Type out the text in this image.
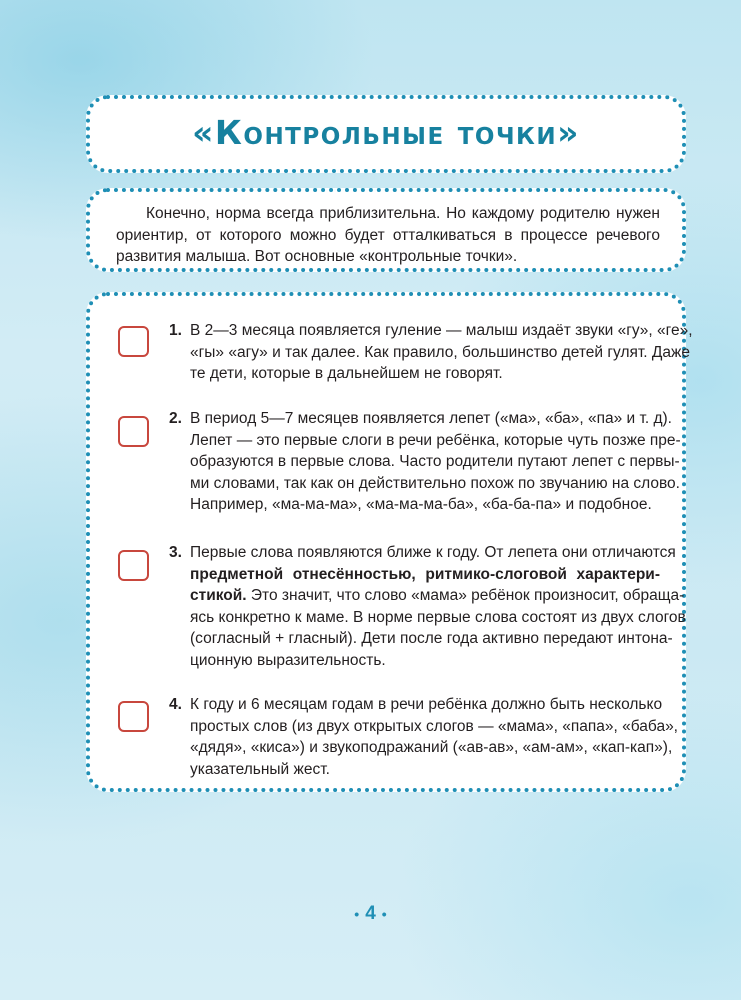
«Контрольные точки»

Конечно, норма всегда приблизительна. Но каждому родителю нужен ориентир, от которого можно будет отталкиваться в процессе речевого развития малыша. Вот основные «контрольные точки».

1. В 2—3 месяца появляется гуление — малыш издаёт звуки «гу», «ге»,
«гы» «агу» и так далее. Как правило, большинство детей гулят. Даже
те дети, которые в дальнейшем не говорят.
2. В период 5—7 месяцев появляется лепет («ма», «ба», «па» и т. д).
Лепет — это первые слоги в речи ребёнка, которые чуть позже пре-
образуются в первые слова. Часто родители путают лепет с первы-
ми словами, так как он действительно похож по звучанию на слово.
Например, «ма-ма-ма», «ма-ма-ма-ба», «ба-ба-па» и подобное.
3. Первые слова появляются ближе к году. От лепета они отличаются
предметной отнесённостью, ритмико-слоговой характери-
стикой. Это значит, что слово «мама» ребёнок произносит, обраща-
ясь конкретно к маме. В норме первые слова состоят из двух слогов
(согласный + гласный). Дети после года активно передают интона-
ционную выразительность.
4. К году и 6 месяцам годам в речи ребёнка должно быть несколько
простых слов (из двух открытых слогов — «мама», «папа», «баба»,
«дядя», «киса») и звукоподражаний («ав-ав», «ам-ам», «кап-кап»),
указательный жест.
• 4 •
